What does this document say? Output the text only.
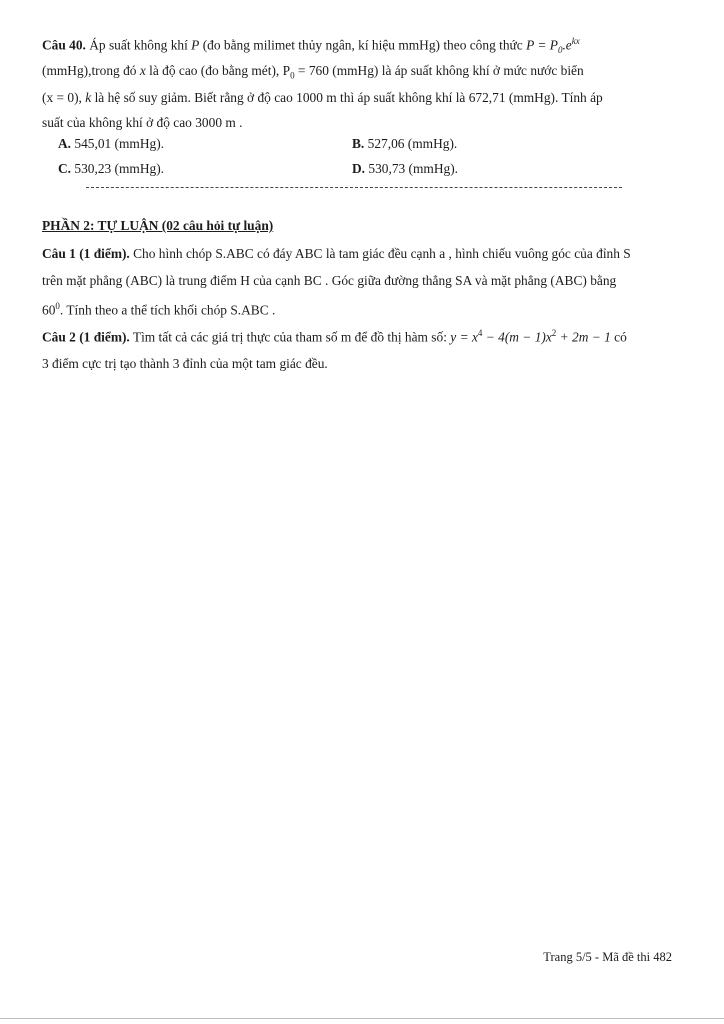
Câu 40. Áp suất không khí P (đo bằng milimet thủy ngân, kí hiệu mmHg) theo công thức $P = P_0.e^{kx}$
(mmHg),trong đó x là độ cao (đo bằng mét), $P_0 = 760$ (mmHg) là áp suất không khí ở mức nước biển
(x = 0), k là hệ số suy giảm. Biết rằng ở độ cao 1000 m thì áp suất không khí là 672,71 (mmHg). Tính áp
suất của không khí ở độ cao 3000 m .
A. 545,01 (mmHg).	B. 527,06 (mmHg).
C. 530,23 (mmHg).	D. 530,73 (mmHg).
PHẦN 2: TỰ LUẬN (02 câu hỏi tự luận)
Câu 1 (1 điểm). Cho hình chóp S.ABC có đáy ABC là tam giác đều cạnh a , hình chiếu vuông góc của đỉnh S
trên mặt phẳng (ABC) là trung điểm H của cạnh BC . Góc giữa đường thẳng SA và mặt phẳng (ABC) bằng
$60^0$. Tính theo a thể tích khối chóp S.ABC .
Câu 2 (1 điểm). Tìm tất cả các giá trị thực của tham số m để đồ thị hàm số: $y = x^4 - 4(m - 1)x^2 + 2m - 1$ có
3 điểm cực trị tạo thành 3 đỉnh của một tam giác đều.
Trang 5/5 - Mã đề thi 482
